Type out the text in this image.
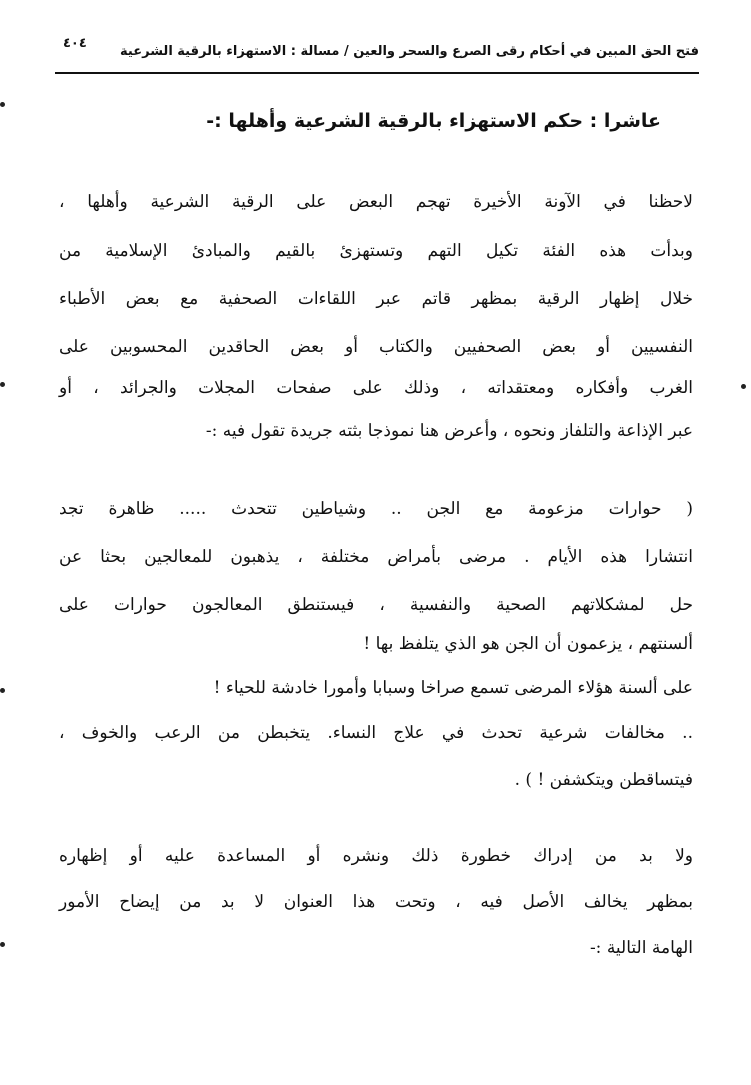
فتح الحق المبين في أحكام رقى الصرع والسحر والعين / مسالة : الاستهزاء بالرقية الشرعية
٤٠٤
عاشرا : حكم الاستهزاء بالرقية الشرعية وأهلها :-
لاحظنا في الآونة الأخيرة تهجم البعض على الرقية الشرعية وأهلها ،
وبدأت هذه الفئة تكيل التهم وتستهزئ بالقيم والمبادئ الإسلامية من
خلال إظهار الرقية بمظهر قاتم عبر اللقاءات الصحفية مع بعض الأطباء
النفسيين أو بعض الصحفيين والكتاب أو بعض الحاقدين المحسوبين على
الغرب وأفكاره ومعتقداته ، وذلك على صفحات المجلات والجرائد ، أو
عبر الإذاعة والتلفاز ونحوه ، وأعرض هنا نموذجا بثته جريدة تقول فيه :-
( حوارات مزعومة مع الجن .. وشياطين تتحدث ..... ظاهرة تجد
انتشارا هذه الأيام . مرضى بأمراض مختلفة ، يذهبون للمعالجين بحثا عن
حل لمشكلاتهم الصحية والنفسية ، فيستنطق المعالجون حوارات على
ألسنتهم ، يزعمون أن الجن هو الذي يتلفظ بها !
على ألسنة هؤلاء المرضى تسمع صراخا وسبابا وأمورا خادشة للحياء !
.. مخالفات شرعية تحدث في علاج النساء. يتخبطن من الرعب والخوف ،
فيتساقطن ويتكشفن ! ) .
ولا بد من إدراك خطورة ذلك ونشره أو المساعدة عليه أو إظهاره
بمظهر يخالف الأصل فيه ، وتحت هذا العنوان لا بد من إيضاح الأمور
الهامة التالية :-
